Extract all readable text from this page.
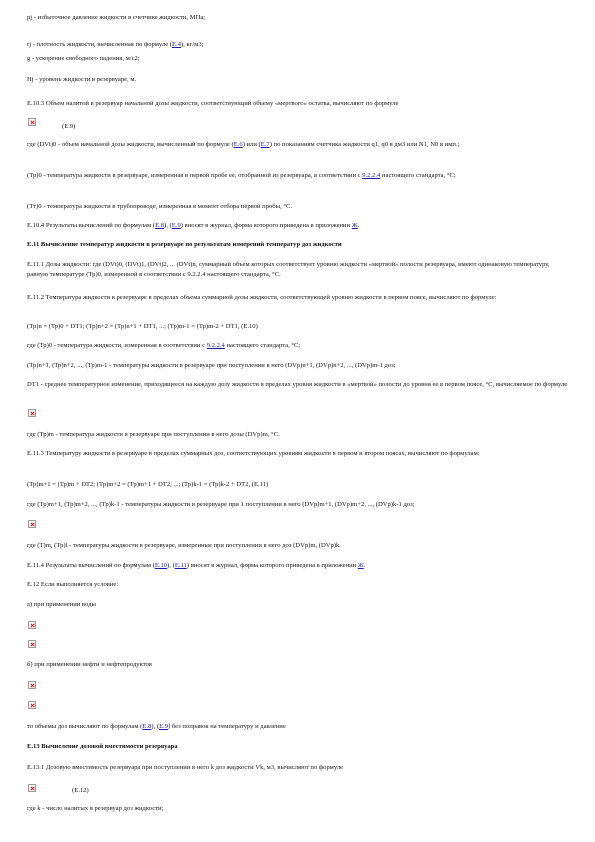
pj - избыточное давление жидкости в счетчике жидкости, МПа;
rj - плотность жидкости, вычисленная по формуле (Е.4), кг/м3;
g - ускорение свободного падения, м/с2;
Hj - уровень жидкости в резервуаре, м.
Е.10.3 Объем налитой в резервуар начальной дозы жидкости, соответствующий объему «мертвого» остатка, вычисляют по формуле
(Е.9)
где (DVt)0 - объем начальной дозы жидкости, вычисленный по формуле (Е.6) или (Е.7) по показаниям счетчика жидкости q1, q0 в дм3 или N1, N0 в имп.;
(Тр)0 - температура жидкости в резервуаре, измеренная в первой пробе ее, отобранной из резервуара, в соответствии с 9.2.2.4 настоящего стандарта, °С;
(Тт)0 - температура жидкости в трубопроводе, измеренная в момент отбора первой пробы, °С.
Е.10.4 Результаты вычислений по формулам (Е.8), (Е.9) вносят в журнал, форма которого приведена в приложении Ж.
Е.11 Вычисление температур жидкости в резервуаре по результатам измерений температур доз жидкости
Е.11.1 Дозы жидкости: где (DVt)0, (DVt)1, (DVt)2, ... (DVt)n, суммарный объем которых соответствует уровню жидкости «мертвой» полости резервуара, имеют одинаковую температуру, равную температуре (Тр)0, измеренной в соответствии с 9.2.2.4 настоящего стандарта, °С.
Е.11.2 Температура жидкости в резервуаре в пределах объема суммарной дозы жидкости, соответствующей уровню жидкости в первом поясе, вычисляют по формуле:
(Тр)n = (Тр)0 + DT1; (Тр)n+2 = (Тр)n+1 + DT1, ...; (Тр)m-1 = (Тр)m-2 + DT1, (Е.10)
где (Тр)0 - температура жидкости, измеренная в соответствии с 9.2.2.4 настоящего стандарта, °С;
(Тр)n+1, (Тр)n+2, ..., (Тр)m-1 - температуры жидкости в резервуаре при поступлении в него (DVp)n+1, (DVp)n+2, ..., (DVp)m-1 доз;
DT1 - среднее температурное изменение, приходящееся на каждую дозу жидкости в пределах уровня жидкости в «мертвой» полости до уровня ее в первом поясе, °С, вычисляемое по формуле
где (Тр)m - температура жидкости в резервуаре при поступлении в него дозы (DVp)m, °С.
Е.11.3 Температуру жидкости в резервуаре в пределах суммарных доз, соответствующих уровням жидкости в первом и втором поясах, вычисляют по формулам:
(Тр)m+1 = (Тр)m + DT2; (Тр)m+2 = (Тр)m+1 + DT2, ...; (Тр)k-1 = (Тр)k-2 + DT2, (Е.11)
где (Тр)m+1, (Тр)m+2, ..., (Тр)k-1 - температуры жидкости в резервуаре при 1 поступлении в него (DVp)m+1, (DVp)m+2, ..., (DVp)k-1 доз;
где (Т)m, (Тр)l - температуры жидкости в резервуаре, измеренные при поступлении в него доз (DVp)m, (DVp)k.
Е.11.4 Результаты вычислений по формулам (Е.10), (Е.11) вносят в журнал, форма которого приведена в приложении Ж.
Е.12 Если выполняется условие:
а) при применении воды
б) при применении нефти и нефтепродуктов
то объемы доз вычисляют по формулам (Е.8), (Е.9) без поправок на температуру и давление
Е.13 Вычисление дозовой вместимости резервуара
Е.13.1 Дозовую вместимость резервуара при поступлении в него k доз жидкости Vk, м3, вычисляют по формуле
(Е.12)
где k - число налитых в резервуар доз жидкости;
